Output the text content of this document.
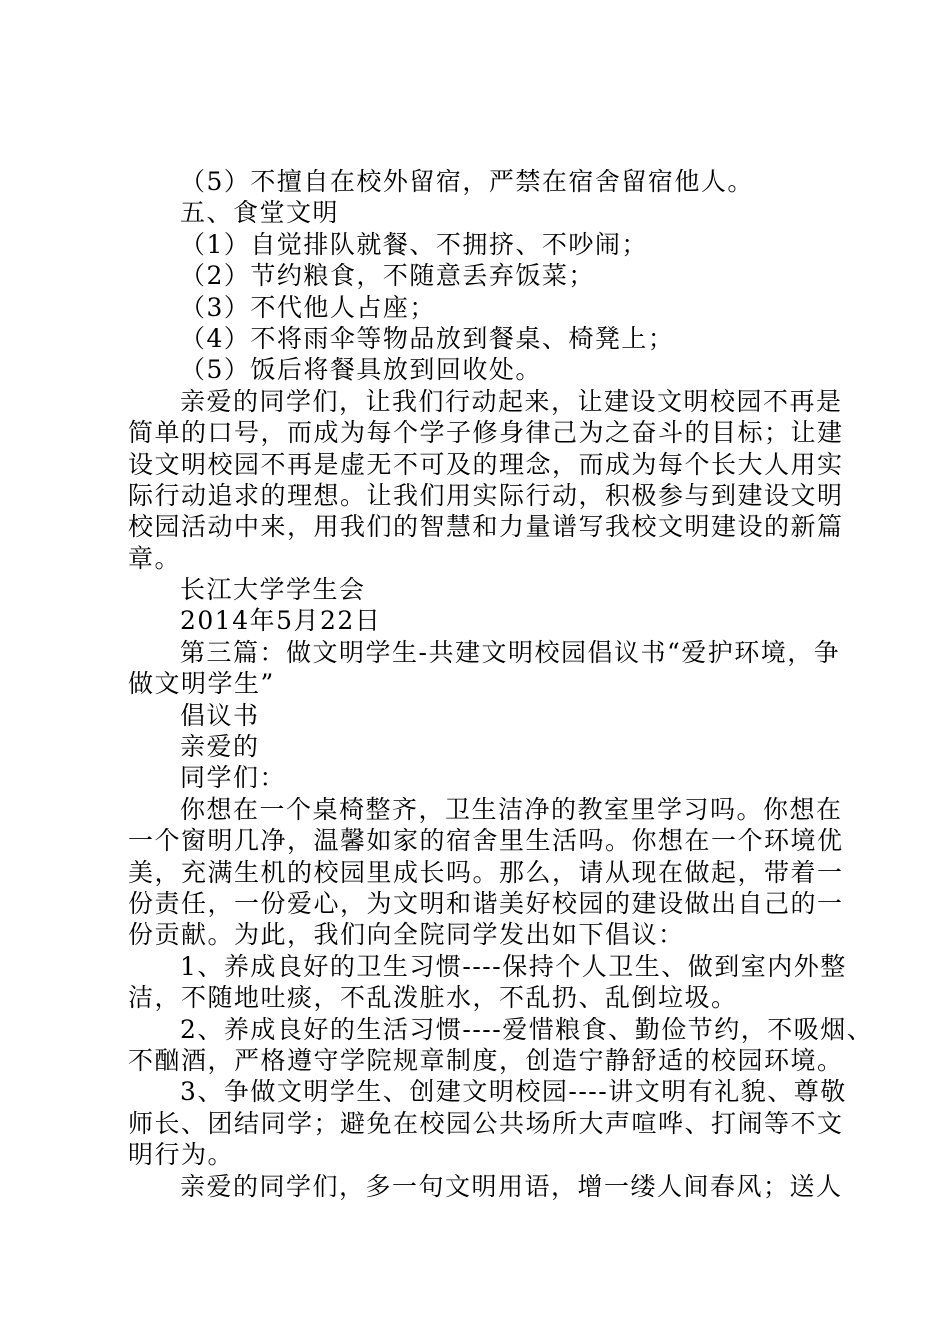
（5）不擅自在校外留宿，严禁在宿舍留宿他人。
五、食堂文明
（1）自觉排队就餐、不拥挤、不吵闹；
（2）节约粮食，不随意丢弃饭菜；
（3）不代他人占座；
（4）不将雨伞等物品放到餐桌、椅凳上；
（5）饭后将餐具放到回收处。
亲爱的同学们，让我们行动起来，让建设文明校园不再是
简单的口号，而成为每个学子修身律己为之奋斗的目标；让建
设文明校园不再是虚无不可及的理念，而成为每个长大人用实
际行动追求的理想。让我们用实际行动，积极参与到建设文明
校园活动中来，用我们的智慧和力量谱写我校文明建设的新篇
章。
长江大学学生会
2014年5月22日
第三篇：做文明学生-共建文明校园倡议书“爱护环境，争
做文明学生”
倡议书
亲爱的
同学们：
你想在一个桌椅整齐，卫生洁净的教室里学习吗。你想在
一个窗明几净，温馨如家的宿舍里生活吗。你想在一个环境优
美，充满生机的校园里成长吗。那么，请从现在做起，带着一
份责任，一份爱心，为文明和谐美好校园的建设做出自己的一
份贡献。为此，我们向全院同学发出如下倡议：
1、养成良好的卫生习惯----保持个人卫生、做到室内外整
洁，不随地吐痰，不乱泼脏水，不乱扔、乱倒垃圾。
2、养成良好的生活习惯----爱惜粮食、勤俭节约，不吸烟、
不酗酒，严格遵守学院规章制度，创造宁静舒适的校园环境。
3、争做文明学生、创建文明校园----讲文明有礼貌、尊敬
师长、团结同学；避免在校园公共场所大声喧哗、打闹等不文
明行为。
亲爱的同学们，多一句文明用语，增一缕人间春风；送人
